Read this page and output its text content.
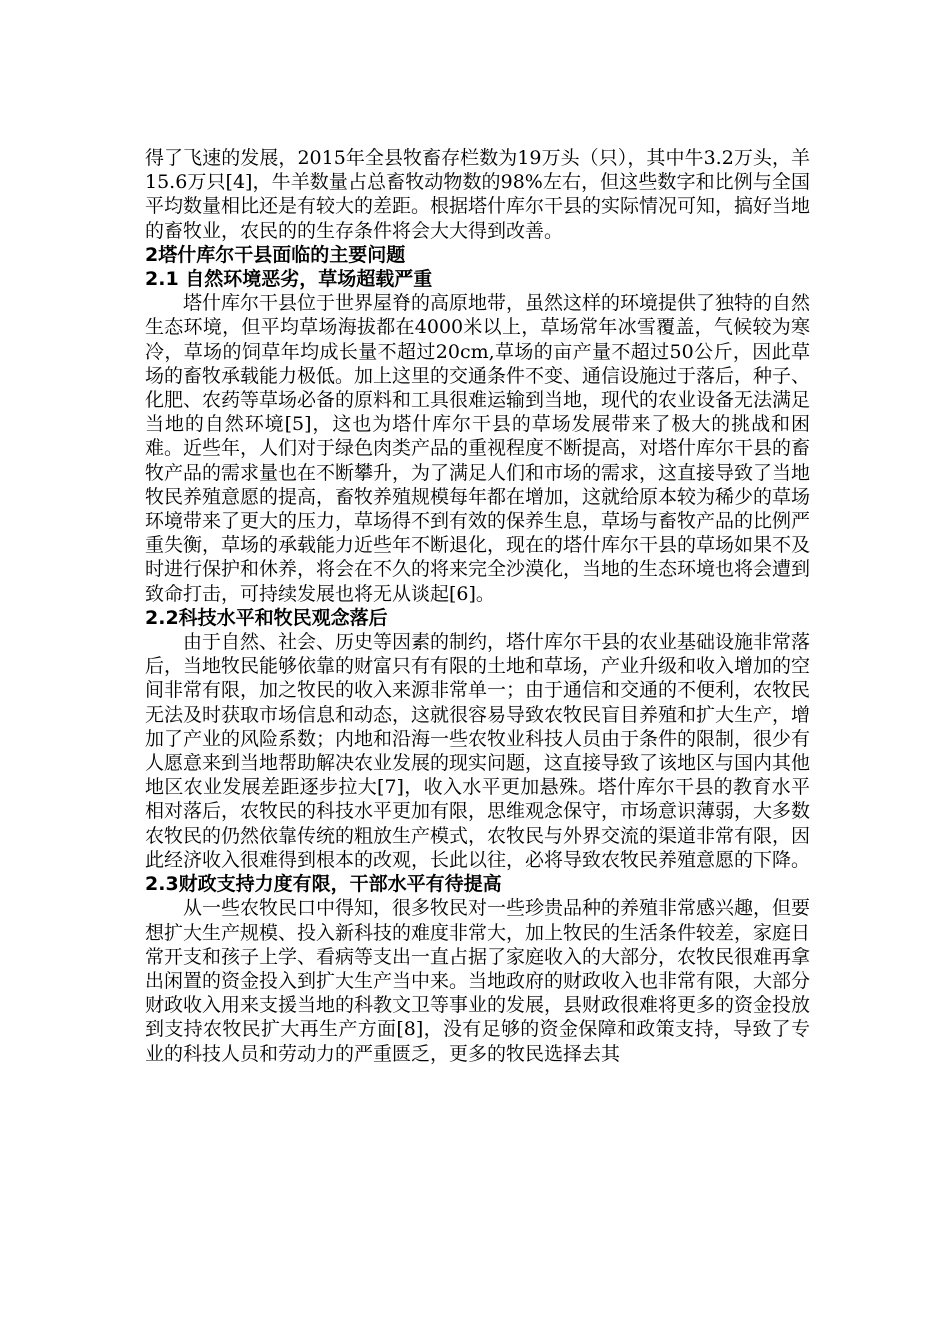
得了飞速的发展，2015年全县牧畜存栏数为19万头（只），其中牛3.2万头，羊15.6万只[4]，牛羊数量占总畜牧动物数的98%左右，但这些数字和比例与全国平均数量相比还是有较大的差距。根据塔什库尔干县的实际情况可知，搞好当地的畜牧业，农民的的生存条件将会大大得到改善。

2塔什库尔干县面临的主要问题
2.1 自然环境恶劣，草场超载严重

塔什库尔干县位于世界屋脊的高原地带，虽然这样的环境提供了独特的自然生态环境，但平均草场海拔都在4000米以上，草场常年冰雪覆盖，气候较为寒冷，草场的饲草年均成长量不超过20cm,草场的亩产量不超过50公斤，因此草场的畜牧承载能力极低。加上这里的交通条件不变、通信设施过于落后，种子、化肥、农药等草场必备的原料和工具很难运输到当地，现代的农业设备无法满足当地的自然环境[5]，这也为塔什库尔干县的草场发展带来了极大的挑战和困难。近些年，人们对于绿色肉类产品的重视程度不断提高，对塔什库尔干县的畜牧产品的需求量也在不断攀升，为了满足人们和市场的需求，这直接导致了当地牧民养殖意愿的提高，畜牧养殖规模每年都在增加，这就给原本较为稀少的草场环境带来了更大的压力，草场得不到有效的保养生息，草场与畜牧产品的比例严重失衡，草场的承载能力近些年不断退化，现在的塔什库尔干县的草场如果不及时进行保护和休养，将会在不久的将来完全沙漠化，当地的生态环境也将会遭到致命打击，可持续发展也将无从谈起[6]。

2.2科技水平和牧民观念落后

由于自然、社会、历史等因素的制约，塔什库尔干县的农业基础设施非常落后，当地牧民能够依靠的财富只有有限的土地和草场，产业升级和收入增加的空间非常有限，加之牧民的收入来源非常单一；由于通信和交通的不便利，农牧民无法及时获取市场信息和动态，这就很容易导致农牧民盲目养殖和扩大生产，增加了产业的风险系数；内地和沿海一些农牧业科技人员由于条件的限制，很少有人愿意来到当地帮助解决农业发展的现实问题，这直接导致了该地区与国内其他地区农业发展差距逐步拉大[7]，收入水平更加悬殊。塔什库尔干县的教育水平相对落后，农牧民的科技水平更加有限，思维观念保守，市场意识薄弱，大多数农牧民的仍然依靠传统的粗放生产模式，农牧民与外界交流的渠道非常有限，因此经济收入很难得到根本的改观，长此以往，必将导致农牧民养殖意愿的下降。

2.3财政支持力度有限，干部水平有待提高

从一些农牧民口中得知，很多牧民对一些珍贵品种的养殖非常感兴趣，但要想扩大生产规模、投入新科技的难度非常大，加上牧民的生活条件较差，家庭日常开支和孩子上学、看病等支出一直占据了家庭收入的大部分，农牧民很难再拿出闲置的资金投入到扩大生产当中来。当地政府的财政收入也非常有限，大部分财政收入用来支援当地的科教文卫等事业的发展，县财政很难将更多的资金投放到支持农牧民扩大再生产方面[8]，没有足够的资金保障和政策支持，导致了专业的科技人员和劳动力的严重匮乏，更多的牧民选择去其
